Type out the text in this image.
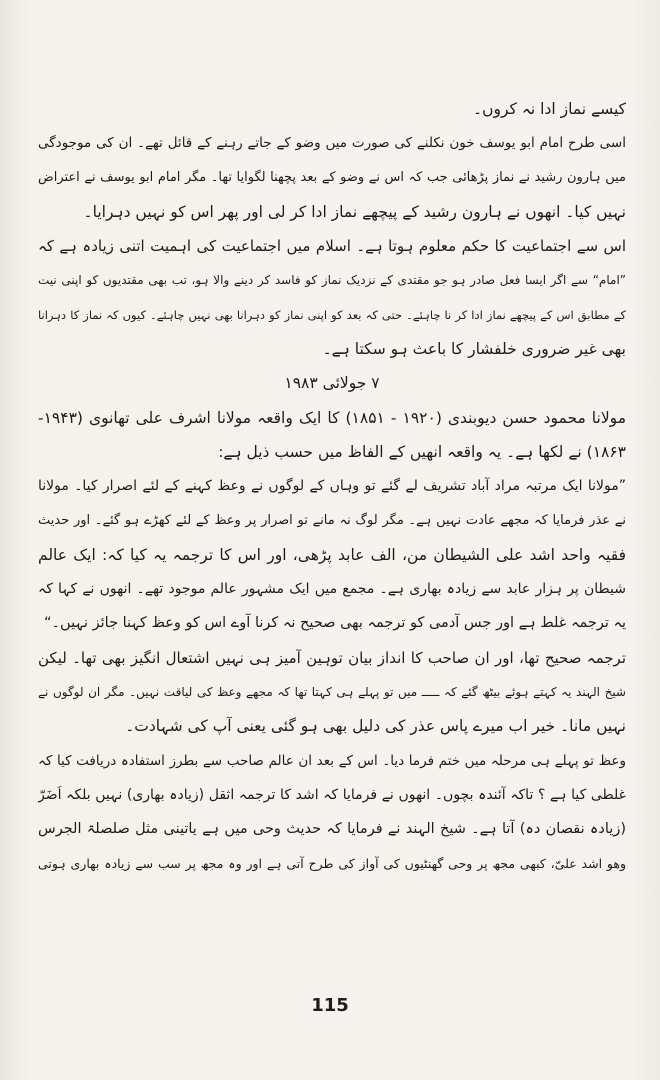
کیسے نماز ادا نہ کروں۔
اسی طرح امام ابو یوسف خون نکلنے کی صورت میں وضو کے جاتے رہنے کے قائل تھے۔ ان کی موجودگی
میں ہارون رشید نے نماز پڑھائی جب کہ اس نے وضو کے بعد پچھنا لگوایا تھا۔ مگر امام ابو یوسف نے اعتراض
نہیں کیا۔ انھوں نے ہارون رشید کے پیچھے نماز ادا کر لی اور پھر اس کو نہیں دہرایا۔
اس سے اجتماعیت کا حکم معلوم ہوتا ہے۔ اسلام میں اجتماعیت کی اہمیت اتنی زیادہ ہے کہ
”امام“ سے اگر ایسا فعل صادر ہو جو مقتدی کے نزدیک نماز کو فاسد کر دینے والا ہو، تب بھی مقتدیوں کو اپنی نیت
کے مطابق اس کے پیچھے نماز ادا کر نا چاہئے۔ حتی کہ بعد کو اپنی نماز کو دہرانا بھی نہیں چاہئے۔ کیوں کہ نماز کا دہرانا
بھی غیر ضروری خلفشار کا باعث ہو سکتا ہے۔
۷ جولائی ۱۹۸۳
مولانا محمود حسن دیوبندی (۱۹۲۰ - ۱۸۵۱) کا ایک واقعہ مولانا اشرف علی تھانوی (۱۹۴۳-
۱۸۶۳) نے لکھا ہے۔ یہ واقعہ انھیں کے الفاظ میں حسب ذیل ہے:
”مولانا ایک مرتبہ مراد آباد تشریف لے گئے تو وہاں کے لوگوں نے وعظ کہنے کے لئے اصرار کیا۔ مولانا
نے عذر فرمایا کہ مجھے عادت نہیں ہے۔ مگر لوگ نہ مانے تو اصرار پر وعظ کے لئے کھڑے ہو گئے۔ اور حدیث
فقیہ واحد اشد علی الشیطان من، الف عابد پڑھی، اور اس کا ترجمہ یہ کیا کہ: ایک عالم
شیطان پر ہزار عابد سے زیادہ بھاری ہے۔ مجمع میں ایک مشہور عالم موجود تھے۔ انھوں نے کہا کہ
یہ ترجمہ غلط ہے اور جس آدمی کو ترجمہ بھی صحیح نہ کرنا آوے اس کو وعظ کہنا جائز نہیں۔“
ترجمہ صحیح تھا، اور ان صاحب کا انداز بیان توہین آمیز ہی نہیں اشتعال انگیز بھی تھا۔ لیکن
شیخ الہند یہ کہتے ہوئے بیٹھ گئے کہ ـــــ میں تو پہلے ہی کہتا تھا کہ مجھے وعظ کی لیاقت نہیں۔ مگر ان لوگوں نے
نہیں مانا۔ خیر اب میرے پاس عذر کی دلیل بھی ہو گئی یعنی آپ کی شہادت۔
وعظ تو پہلے ہی مرحلہ میں ختم فرما دیا۔ اس کے بعد ان عالم صاحب سے بطرز استفادہ دریافت کیا کہ
غلطی کیا ہے ؟ تاکہ آئندہ بچوں۔ انھوں نے فرمایا کہ اشد کا ترجمہ اثقل (زیادہ بھاری) نہیں بلکہ اَضَرّ
(زیادہ نقصان دہ) آتا ہے۔ شیخ الہند نے فرمایا کہ حدیث وحی میں ہے یاتینی مثل صلصلۃ الجرس
وھو اشد علیّ، کبھی مجھ پر وحی گھنٹیوں کی آواز کی طرح آتی ہے اور وہ مجھ پر سب سے زیادہ بھاری ہوتی
115
